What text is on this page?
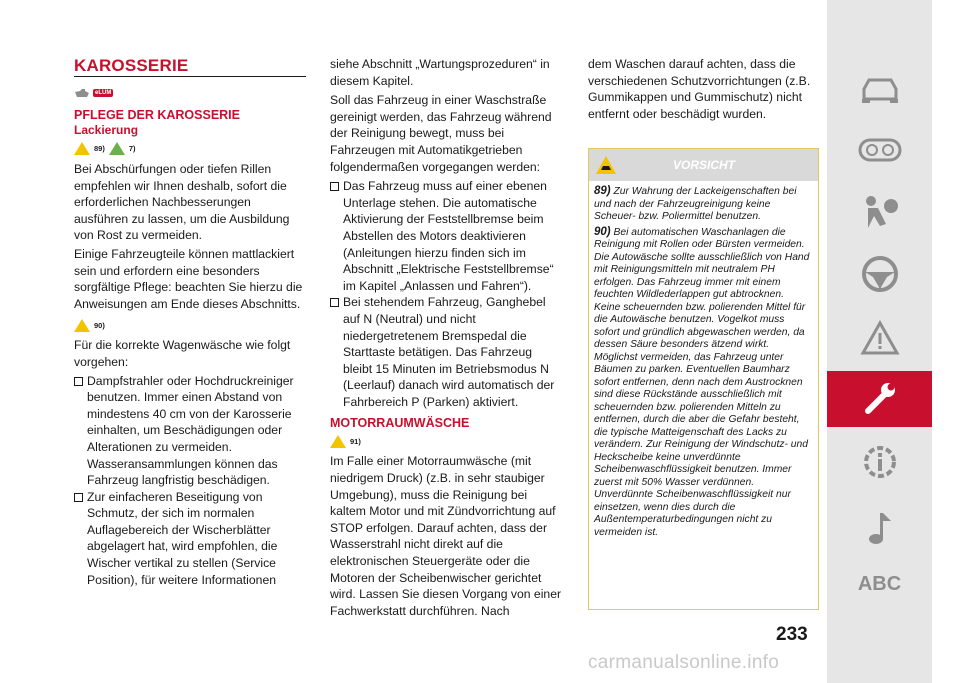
KAROSSERIE
eLUM
PFLEGE DER KAROSSERIE
Lackierung
89)	7)

Bei Abschürfungen oder tiefen Rillen empfehlen wir Ihnen deshalb, sofort die erforderlichen Nachbesserungen ausführen zu lassen, um die Ausbildung von Rost zu vermeiden.

Einige Fahrzeugteile können mattlackiert sein und erfordern eine besonders sorgfältige Pflege: beachten Sie hierzu die Anweisungen am Ende dieses Abschnitts.

90)

Für die korrekte Wagenwäsche wie folgt vorgehen:

Dampfstrahler oder Hochdruckreiniger benutzen. Immer einen Abstand von mindestens 40 cm von der Karosserie einhalten, um Beschädigungen oder Alterationen zu vermeiden. Wasseransammlungen können das Fahrzeug langfristig beschädigen.

Zur einfacheren Beseitigung von Schmutz, der sich im normalen Auflagebereich der Wischerblätter abgelagert hat, wird empfohlen, die Wischer vertikal zu stellen (Service Position), für weitere Informationen

siehe Abschnitt „Wartungsprozeduren“ in diesem Kapitel.

Soll das Fahrzeug in einer Waschstraße gereinigt werden, das Fahrzeug während der Reinigung bewegt, muss bei Fahrzeugen mit Automatikgetrieben folgendermaßen vorgegangen werden:

Das Fahrzeug muss auf einer ebenen Unterlage stehen. Die automatische Aktivierung der Feststellbremse beim Abstellen des Motors deaktivieren (Anleitungen hierzu finden sich im Abschnitt „Elektrische Feststellbremse“ im Kapitel „Anlassen und Fahren“).

Bei stehendem Fahrzeug, Ganghebel auf N (Neutral) und nicht niedergetretenem Bremspedal die Starttaste betätigen. Das Fahrzeug bleibt 15 Minuten im Betriebsmodus N (Leerlauf) danach wird automatisch der Fahrbereich P (Parken) aktiviert.

MOTORRAUMWÄSCHE
91)

Im Falle einer Motorraumwäsche (mit niedrigem Druck) (z.B. in sehr staubiger Umgebung), muss die Reinigung bei kaltem Motor und mit Zündvorrichtung auf STOP erfolgen. Darauf achten, dass der Wasserstrahl nicht direkt auf die elektronischen Steuergeräte oder die Motoren der Scheibenwischer gerichtet wird. Lassen Sie diesen Vorgang von einer Fachwerkstatt durchführen. Nach

dem Waschen darauf achten, dass die verschiedenen Schutzvorrichtungen (z.B. Gummikappen und Gummischutz) nicht entfernt oder beschädigt wurden.

VORSICHT

89) Zur Wahrung der Lackeigenschaften bei und nach der Fahrzeugreinigung keine Scheuer- bzw. Poliermittel benutzen.

90) Bei automatischen Waschanlagen die Reinigung mit Rollen oder Bürsten vermeiden. Die Autowäsche sollte ausschließlich von Hand mit Reinigungsmitteln mit neutralem PH erfolgen. Das Fahrzeug immer mit einem feuchten Wildlederlappen gut abtrocknen. Keine scheuernden bzw. polierenden Mittel für die Autowäsche benutzen. Vogelkot muss sofort und gründlich abgewaschen werden, da dessen Säure besonders ätzend wirkt. Möglichst vermeiden, das Fahrzeug unter Bäumen zu parken. Eventuellen Baumharz sofort entfernen, denn nach dem Austrocknen sind diese Rückstände ausschließlich mit scheuernden bzw. polierenden Mitteln zu entfernen, durch die aber die Gefahr besteht, die typische Matteigenschaft des Lacks zu verändern. Zur Reinigung der Windschutz- und Heckscheibe keine unverdünnte Scheibenwaschflüssigkeit benutzen. Immer zuerst mit 50% Wasser verdünnen. Unverdünnte Scheibenwaschflüssigkeit nur einsetzen, wenn dies durch die Außentemperaturbedingungen nicht zu vermeiden ist.

ABC
233
carmanualsonline.info
